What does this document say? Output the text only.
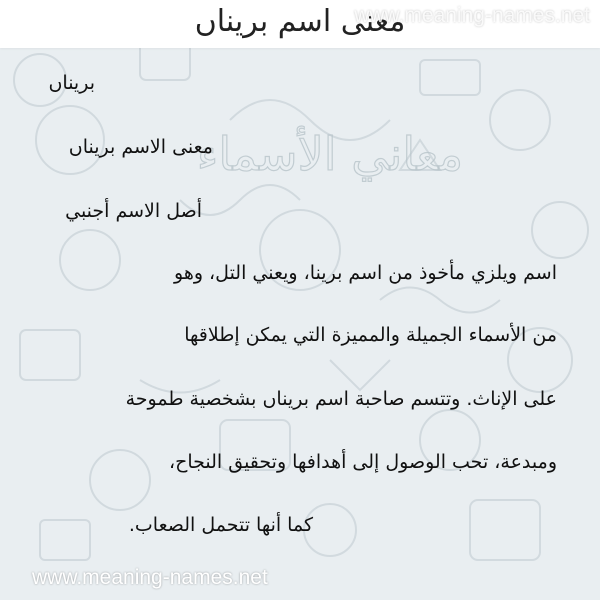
معاني الأسماء
معنى اسم بريناں
www.meaning-names.net
بريناں
معنى الاسم بريناں
أصل الاسم أجنبي
اسم ويلزي مأخوذ من اسم برينا، ويعني التل، وهو
من الأسماء الجميلة والمميزة التي يمكن إطلاقها
على الإناث. وتتسم صاحبة اسم بريناں بشخصية طموحة
ومبدعة، تحب الوصول إلى أهدافها وتحقيق النجاح،
كما أنها تتحمل الصعاب.
www.meaning-names.net
